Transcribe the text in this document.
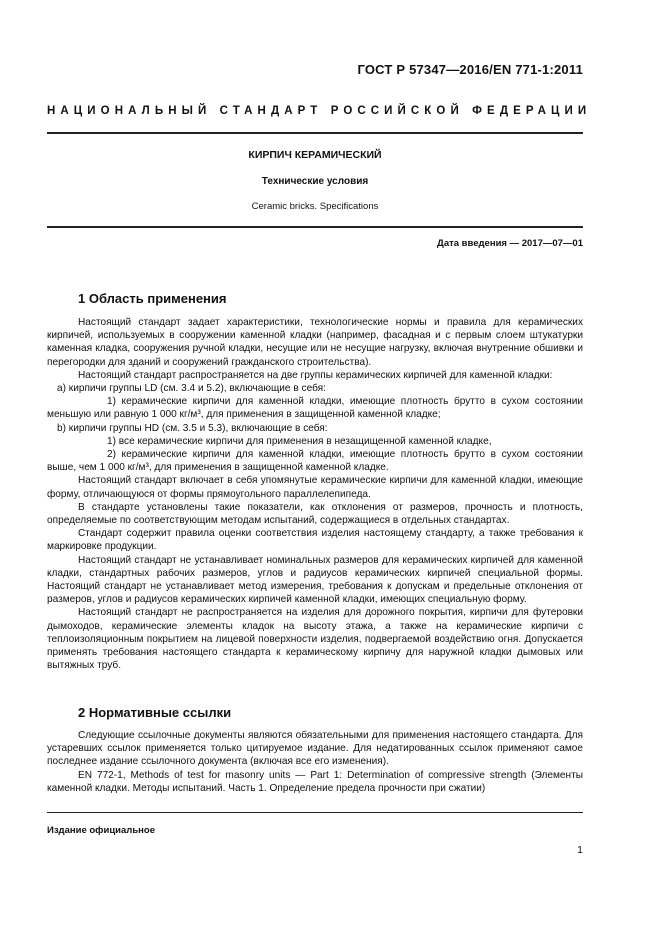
ГОСТ Р 57347—2016/EN 771-1:2011
НАЦИОНАЛЬНЫЙ СТАНДАРТ РОССИЙСКОЙ ФЕДЕРАЦИИ
КИРПИЧ КЕРАМИЧЕСКИЙ
Технические условия
Ceramic bricks. Specifications
Дата введения — 2017—07—01
1 Область применения

Настоящий стандарт задает характеристики, технологические нормы и правила для керамических кирпичей, используемых в сооружении каменной кладки (например, фасадная и с первым слоем штукатурки каменная кладка, сооружения ручной кладки, несущие или не несущие нагрузку, включая внутренние обшивки и перегородки для зданий и сооружений гражданского строительства).

Настоящий стандарт распространяется на две группы керамических кирпичей для каменной кладки:

a) кирпичи группы LD (см. 3.4 и 5.2), включающие в себя:

1) керамические кирпичи для каменной кладки, имеющие плотность брутто в сухом состоянии меньшую или равную 1 000 кг/м³, для применения в защищенной каменной кладке;

b) кирпичи группы HD (см. 3.5 и 5.3), включающие в себя:

1) все керамические кирпичи для применения в незащищенной каменной кладке,

2) керамические кирпичи для каменной кладки, имеющие плотность брутто в сухом состоянии выше, чем 1 000 кг/м³, для применения в защищенной каменной кладке.

Настоящий стандарт включает в себя упомянутые керамические кирпичи для каменной кладки, имеющие форму, отличающуюся от формы прямоугольного параллелепипеда.

В стандарте установлены такие показатели, как отклонения от размеров, прочность и плотность, определяемые по соответствующим методам испытаний, содержащиеся в отдельных стандартах.

Стандарт содержит правила оценки соответствия изделия настоящему стандарту, а также требования к маркировке продукции.

Настоящий стандарт не устанавливает номинальных размеров для керамических кирпичей для каменной кладки, стандартных рабочих размеров, углов и радиусов керамических кирпичей специальной формы. Настоящий стандарт не устанавливает метод измерения, требования к допускам и предельные отклонения от размеров, углов и радиусов керамических кирпичей каменной кладки, имеющих специальную форму.

Настоящий стандарт не распространяется на изделия для дорожного покрытия, кирпичи для футеровки дымоходов, керамические элементы кладок на высоту этажа, а также на керамические кирпичи с теплоизоляционным покрытием на лицевой поверхности изделия, подвергаемой воздействию огня. Допускается применять требования настоящего стандарта к керамическому кирпичу для наружной кладки дымовых или вытяжных труб.

2 Нормативные ссылки

Следующие ссылочные документы являются обязательными для применения настоящего стандарта. Для устаревших ссылок применяется только цитируемое издание. Для недатированных ссылок применяют самое последнее издание ссылочного документа (включая все его изменения).

EN 772-1, Methods of test for masonry units — Part 1: Determination of compressive strength (Элементы каменной кладки. Методы испытаний. Часть 1. Определение предела прочности при сжатии)

Издание официальное
1
